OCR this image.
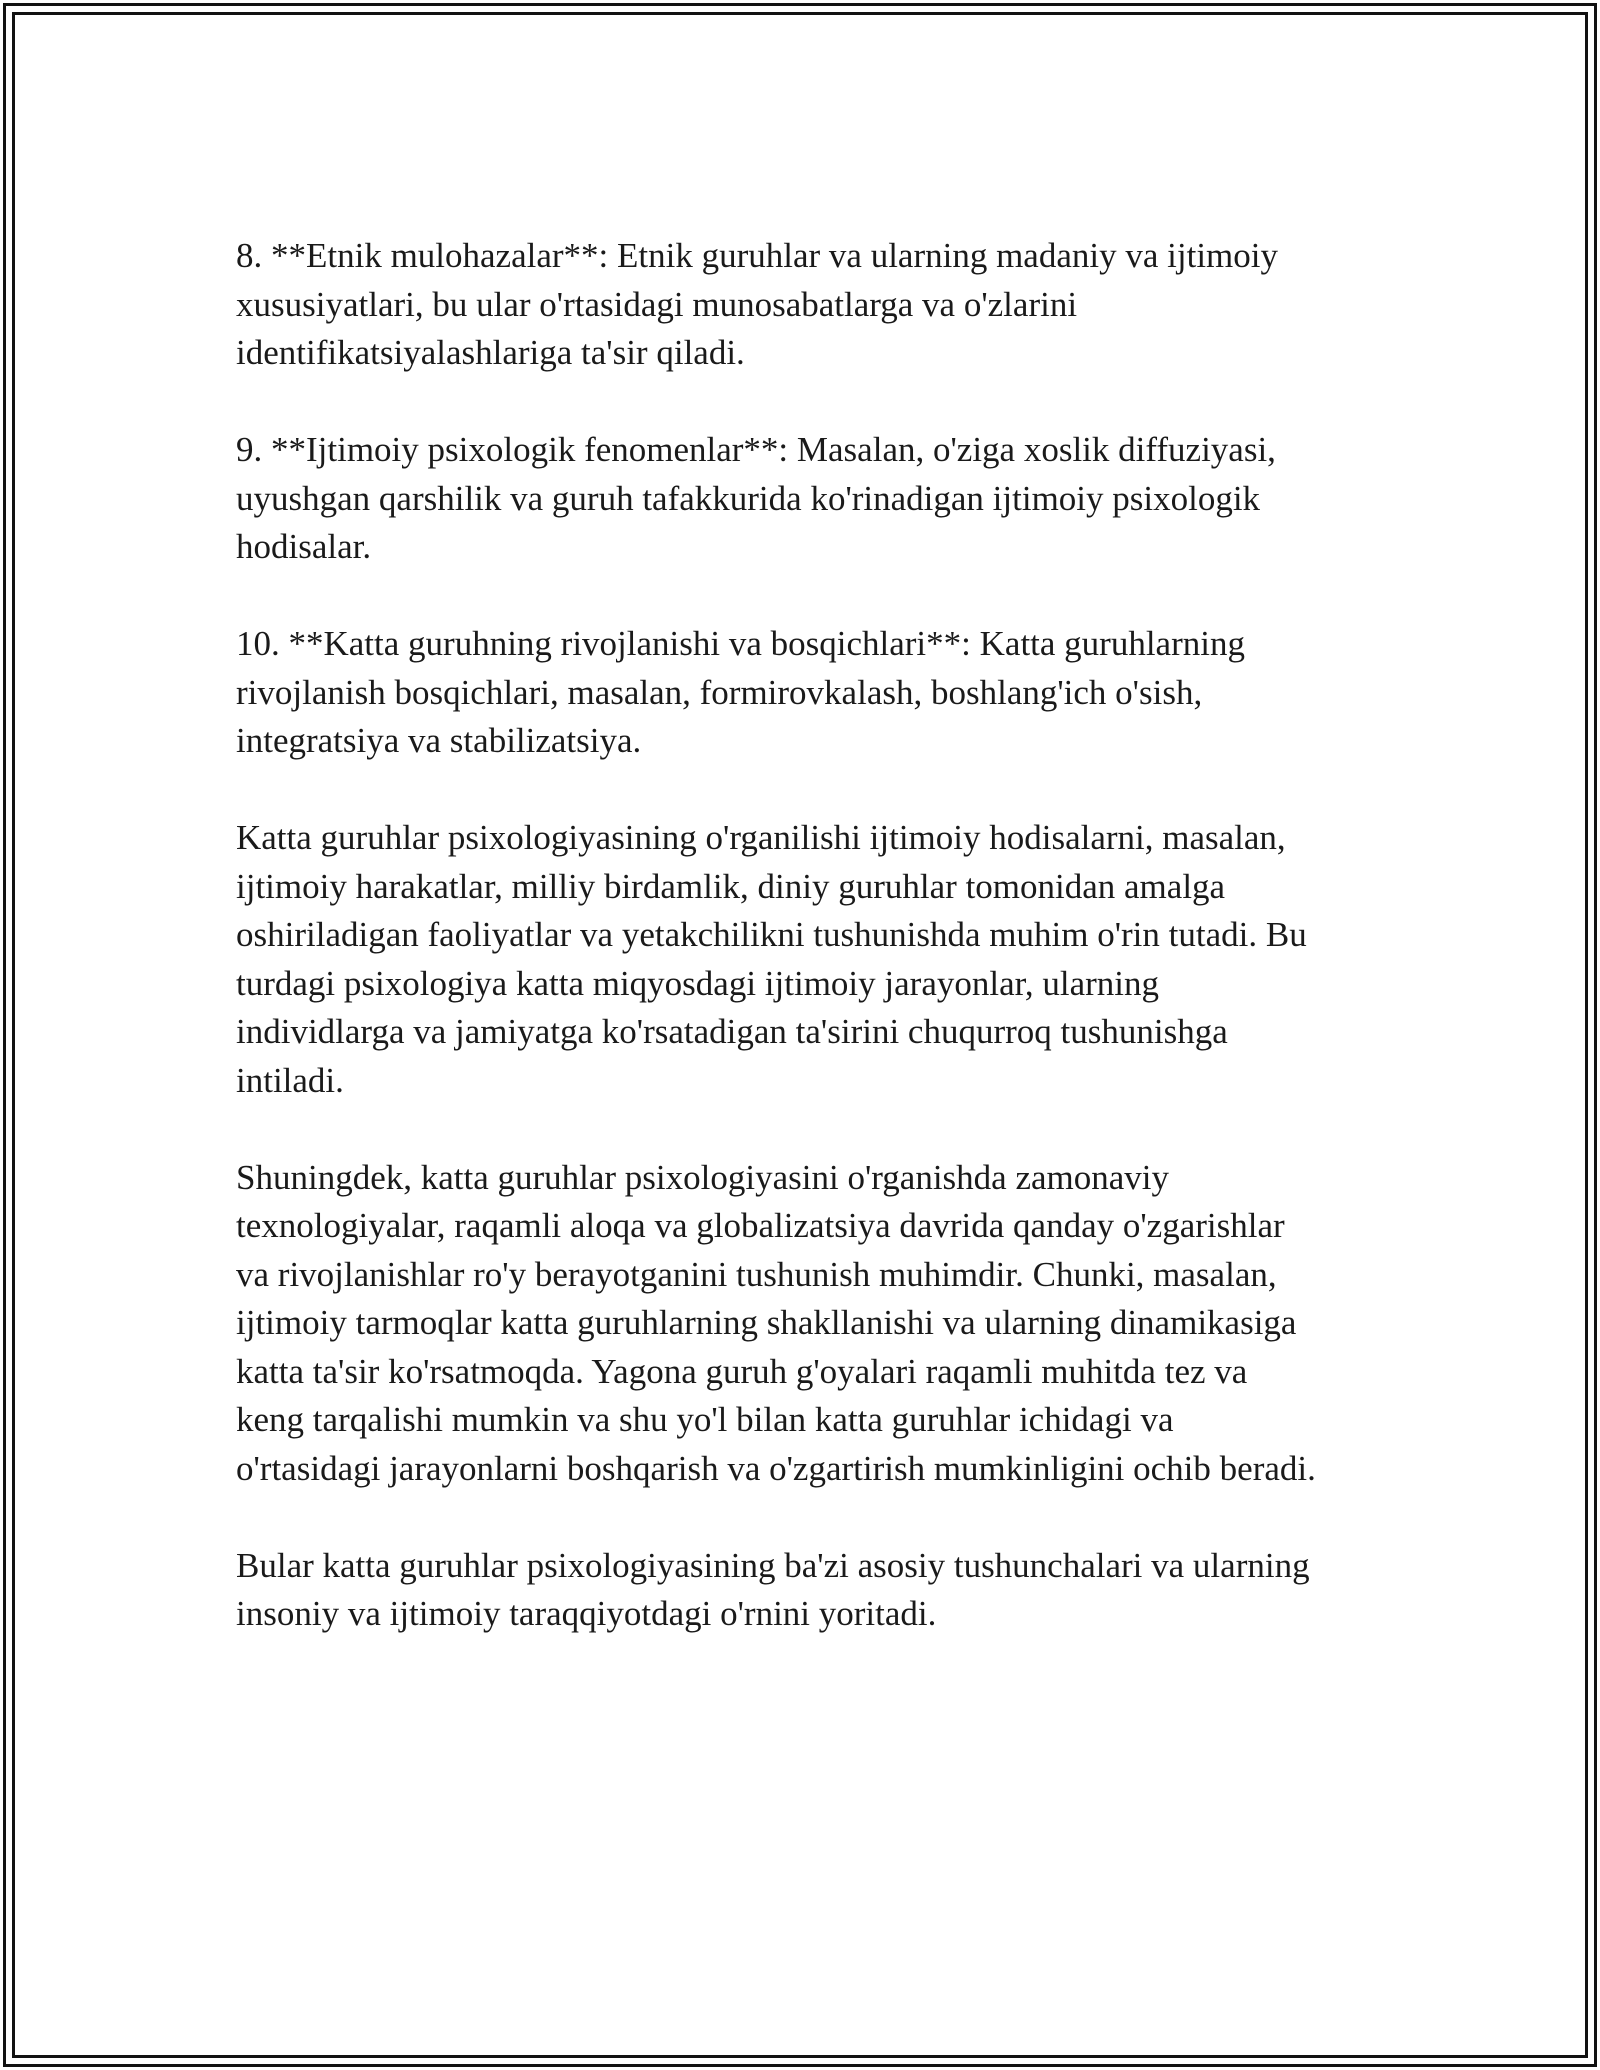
8. **Etnik mulohazalar**: Etnik guruhlar va ularning madaniy va ijtimoiy
xususiyatlari, bu ular o'rtasidagi munosabatlarga va o'zlarini
identifikatsiyalashlariga ta'sir qiladi.

9. **Ijtimoiy psixologik fenomenlar**: Masalan, o'ziga xoslik diffuziyasi,
uyushgan qarshilik va guruh tafakkurida ko'rinadigan ijtimoiy psixologik
hodisalar.

10. **Katta guruhning rivojlanishi va bosqichlari**: Katta guruhlarning
rivojlanish bosqichlari, masalan, formirovkalash, boshlang'ich o'sish,
integratsiya va stabilizatsiya.

Katta guruhlar psixologiyasining o'rganilishi ijtimoiy hodisalarni, masalan,
ijtimoiy harakatlar, milliy birdamlik, diniy guruhlar tomonidan amalga
oshiriladigan faoliyatlar va yetakchilikni tushunishda muhim o'rin tutadi. Bu
turdagi psixologiya katta miqyosdagi ijtimoiy jarayonlar, ularning
individlarga va jamiyatga ko'rsatadigan ta'sirini chuqurroq tushunishga
intiladi.

Shuningdek, katta guruhlar psixologiyasini o'rganishda zamonaviy
texnologiyalar, raqamli aloqa va globalizatsiya davrida qanday o'zgarishlar
va rivojlanishlar ro'y berayotganini tushunish muhimdir. Chunki, masalan,
ijtimoiy tarmoqlar katta guruhlarning shakllanishi va ularning dinamikasiga
katta ta'sir ko'rsatmoqda. Yagona guruh g'oyalari raqamli muhitda tez va
keng tarqalishi mumkin va shu yo'l bilan katta guruhlar ichidagi va
o'rtasidagi jarayonlarni boshqarish va o'zgartirish mumkinligini ochib beradi.

Bular katta guruhlar psixologiyasining ba'zi asosiy tushunchalari va ularning
insoniy va ijtimoiy taraqqiyotdagi o'rnini yoritadi.
